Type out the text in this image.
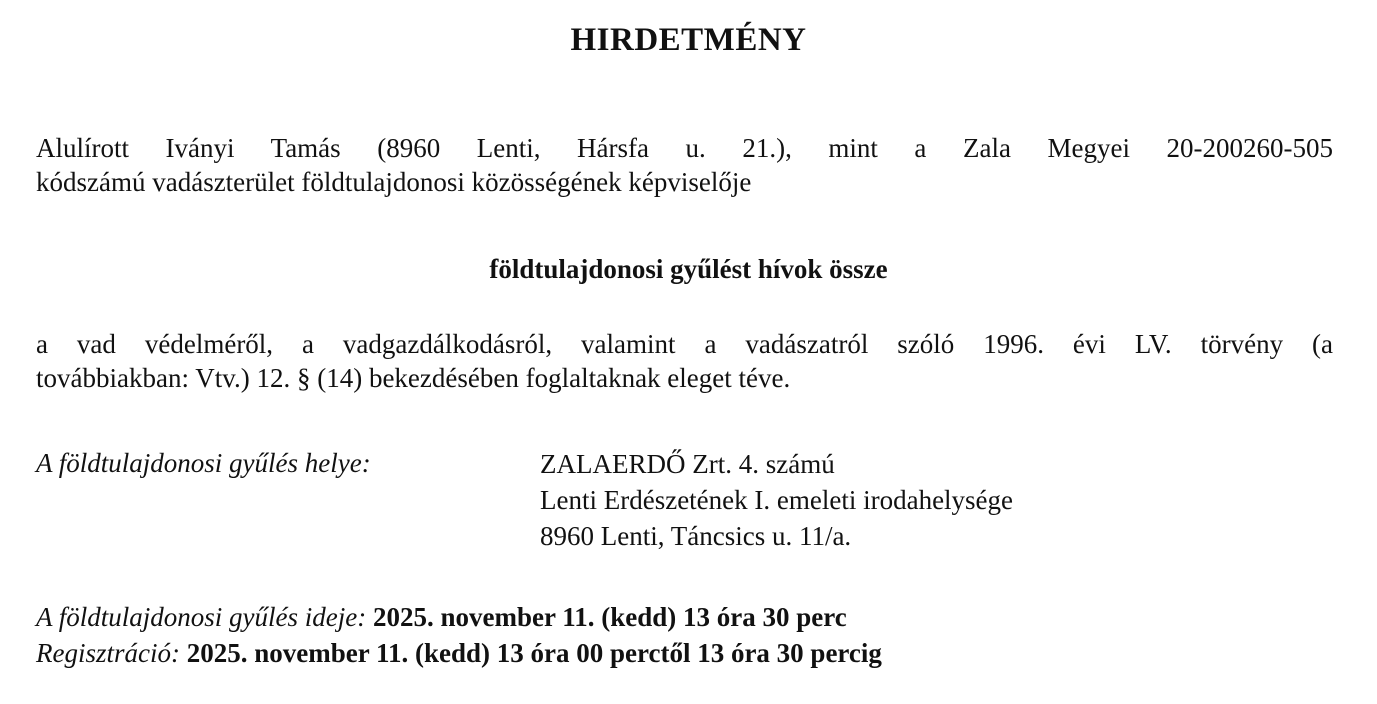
HIRDETMÉNY
Alulírott Iványi Tamás (8960 Lenti, Hársfa u. 21.), mint a Zala Megyei 20-200260-505
kódszámú vadászterület földtulajdonosi közösségének képviselője
földtulajdonosi gyűlést hívok össze
a vad védelméről, a vadgazdálkodásról, valamint a vadászatról szóló 1996. évi LV. törvény (a
továbbiakban: Vtv.) 12. § (14) bekezdésében foglaltaknak eleget téve.
A földtulajdonosi gyűlés helye:	ZALAERDŐ Zrt. 4. számú
Lenti Erdészetének I. emeleti irodahelysége
8960 Lenti, Táncsics u. 11/a.
A földtulajdonosi gyűlés ideje: 2025. november 11. (kedd) 13 óra 30 perc
Regisztráció: 2025. november 11. (kedd) 13 óra 00 perctől 13 óra 30 percig
